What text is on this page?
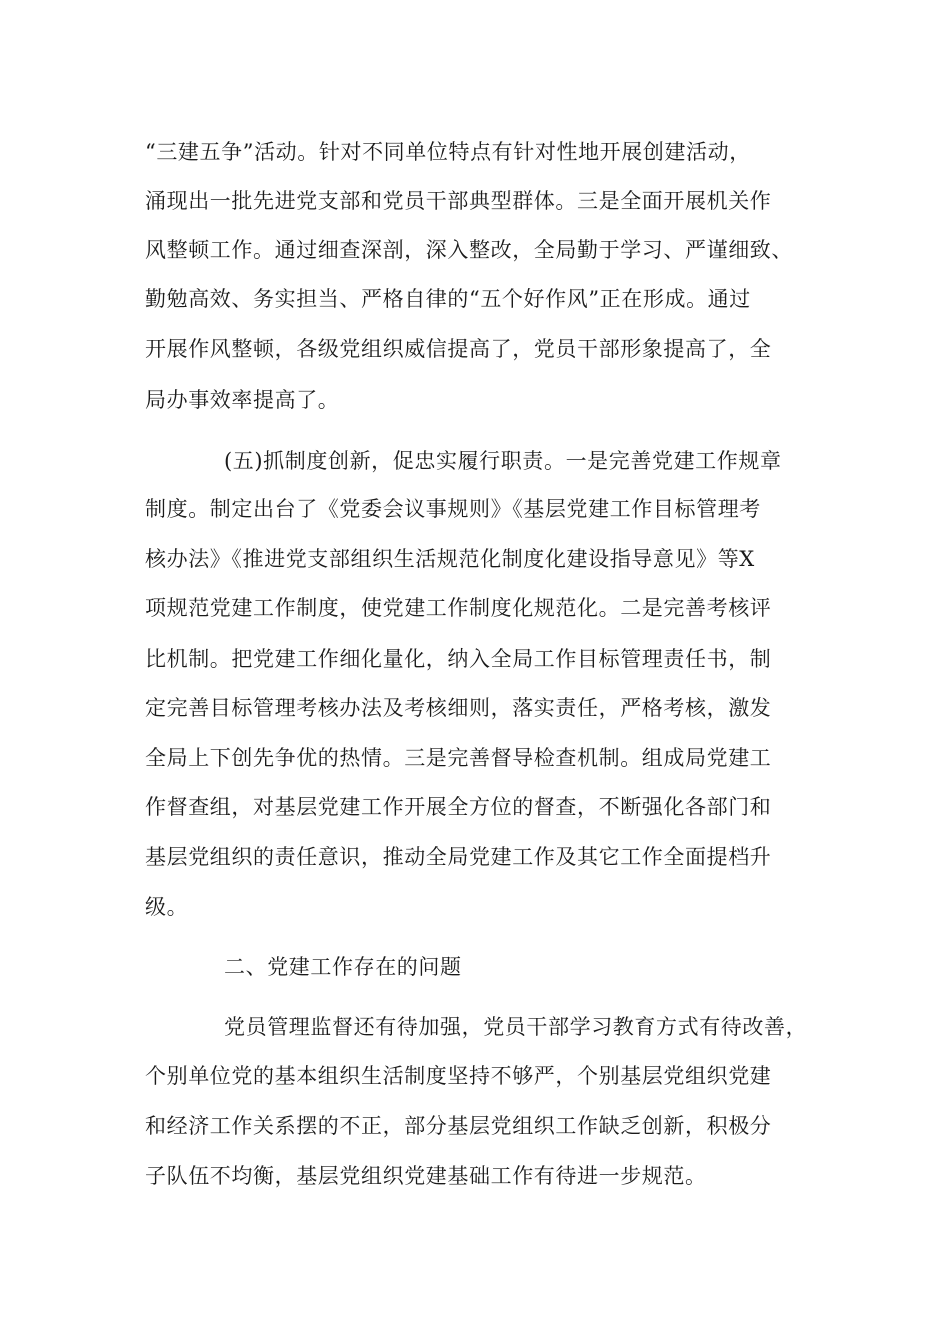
“三建五争”活动。针对不同单位特点有针对性地开展创建活动，
涌现出一批先进党支部和党员干部典型群体。三是全面开展机关作
风整顿工作。通过细查深剖，深入整改，全局勤于学习、严谨细致、
勤勉高效、务实担当、严格自律的“五个好作风”正在形成。通过
开展作风整顿，各级党组织威信提高了，党员干部形象提高了，全
局办事效率提高了。
(五)抓制度创新，促忠实履行职责。一是完善党建工作规章
制度。制定出台了《党委会议事规则》《基层党建工作目标管理考
核办法》《推进党支部组织生活规范化制度化建设指导意见》等X
项规范党建工作制度，使党建工作制度化规范化。二是完善考核评
比机制。把党建工作细化量化，纳入全局工作目标管理责任书，制
定完善目标管理考核办法及考核细则，落实责任，严格考核，激发
全局上下创先争优的热情。三是完善督导检查机制。组成局党建工
作督查组，对基层党建工作开展全方位的督查，不断强化各部门和
基层党组织的责任意识，推动全局党建工作及其它工作全面提档升
级。
二、党建工作存在的问题
党员管理监督还有待加强，党员干部学习教育方式有待改善，
个别单位党的基本组织生活制度坚持不够严，个别基层党组织党建
和经济工作关系摆的不正，部分基层党组织工作缺乏创新，积极分
子队伍不均衡，基层党组织党建基础工作有待进一步规范。
